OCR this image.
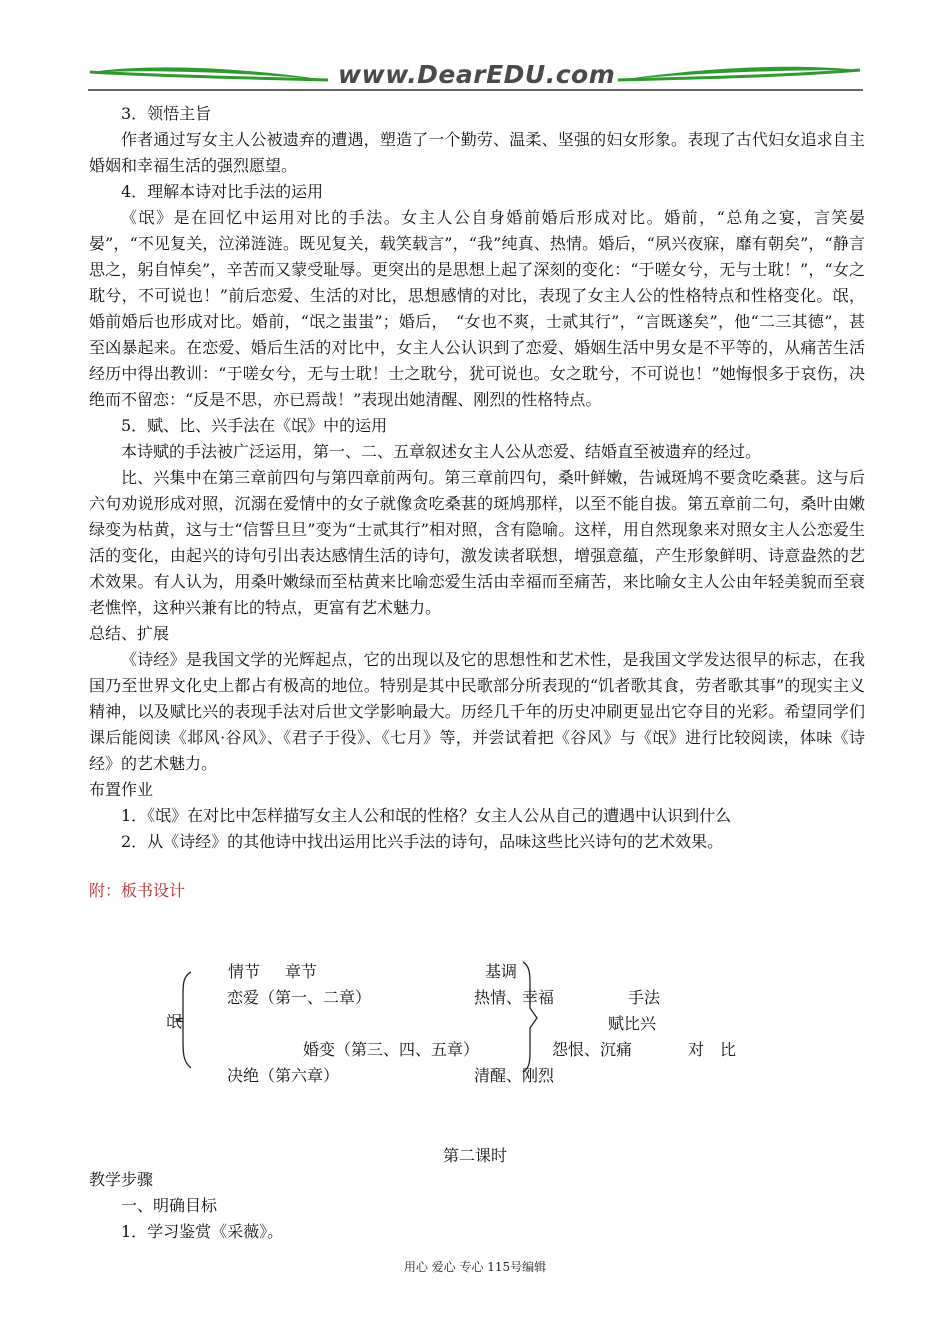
www.DearEDU.com

3．领悟主旨

作者通过写女主人公被遗弃的遭遇，塑造了一个勤劳、温柔、坚强的妇女形象。表现了古代妇女追求自主婚姻和幸福生活的强烈愿望。

4．理解本诗对比手法的运用

《氓》是在回忆中运用对比的手法。女主人公自身婚前婚后形成对比。婚前，“总角之宴，言笑晏晏”，“不见复关，泣涕涟涟。既见复关，载笑载言”，“我”纯真、热情。婚后，“夙兴夜寐，靡有朝矣”，“静言思之，躬自悼矣”，辛苦而又蒙受耻辱。更突出的是思想上起了深刻的变化：“于嗟女兮，无与士耽！”，“女之耽兮，不可说也！”前后恋爱、生活的对比，思想感情的对比，表现了女主人公的性格特点和性格变化。氓，婚前婚后也形成对比。婚前，“氓之蚩蚩”；婚后，　“女也不爽，士贰其行”，“言既遂矣”，他“二三其德”，甚至凶暴起来。在恋爱、婚后生活的对比中，女主人公认识到了恋爱、婚姻生活中男女是不平等的，从痛苦生活经历中得出教训：“于嗟女兮，无与士耽！士之耽兮，犹可说也。女之耽兮，不可说也！”她悔恨多于哀伤，决绝而不留恋：“反是不思，亦已焉哉！”表现出她清醒、刚烈的性格特点。

5．赋、比、兴手法在《氓》中的运用

本诗赋的手法被广泛运用，第一、二、五章叙述女主人公从恋爱、结婚直至被遗弃的经过。

比、兴集中在第三章前四句与第四章前两句。第三章前四句，桑叶鲜嫩，告诫斑鸠不要贪吃桑葚。这与后六句劝说形成对照，沉溺在爱情中的女子就像贪吃桑葚的斑鸠那样，以至不能自拔。第五章前二句，桑叶由嫩绿变为枯黄，这与士“信誓旦旦”变为“士贰其行”相对照，含有隐喻。这样，用自然现象来对照女主人公恋爱生活的变化，由起兴的诗句引出表达感情生活的诗句，激发读者联想，增强意蕴，产生形象鲜明、诗意盎然的艺术效果。有人认为，用桑叶嫩绿而至枯黄来比喻恋爱生活由幸福而至痛苦，来比喻女主人公由年轻美貌而至衰老憔悴，这种兴兼有比的特点，更富有艺术魅力。

总结、扩展

《诗经》是我国文学的光辉起点，它的出现以及它的思想性和艺术性，是我国文学发达很早的标志，在我国乃至世界文化史上都占有极高的地位。特别是其中民歌部分所表现的“饥者歌其食，劳者歌其事”的现实主义精神，以及赋比兴的表现手法对后世文学影响最大。历经几千年的历史冲刷更显出它夺目的光彩。希望同学们课后能阅读《邶风·谷风》、《君子于役》、《七月》等，并尝试着把《谷风》与《氓》进行比较阅读，体味《诗经》的艺术魅力。

布置作业

1．《氓》在对比中怎样描写女主人公和氓的性格？女主人公从自己的遭遇中认识到什么

2．从《诗经》的其他诗中找出运用比兴手法的诗句，品味这些比兴诗句的艺术效果。

附：板书设计

氓
情节 章节	基调
恋爱（第一、二章）	热情、幸福	手法
赋比兴
婚变（第三、四、五章）	怨恨、沉痛	对　比
决绝（第六章）	清醒、刚烈
第二课时

教学步骤

一、明确目标

1．学习鉴赏《采薇》。

用心 爱心 专心 115号编辑
